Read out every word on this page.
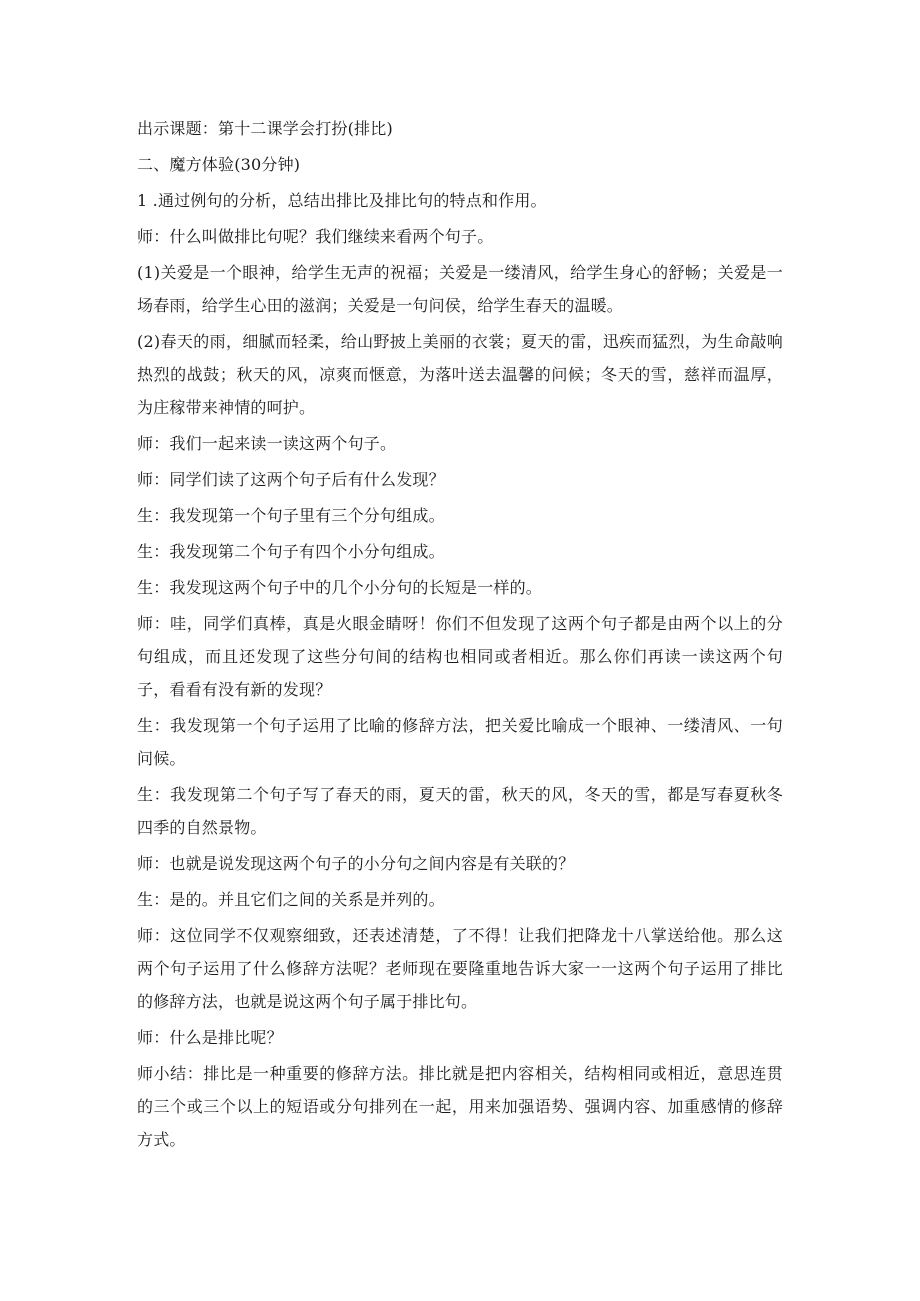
出示课题：第十二课学会打扮(排比)

二、魔方体验(30分钟)

1 .通过例句的分析，总结出排比及排比句的特点和作用。

师：什么叫做排比句呢？我们继续来看两个句子。

(1)关爱是一个眼神，给学生无声的祝福；关爱是一缕清风，给学生身心的舒畅；关爱是一场春雨，给学生心田的滋润；关爱是一句问侯，给学生春天的温暖。

(2)春天的雨，细腻而轻柔，给山野披上美丽的衣裳；夏天的雷，迅疾而猛烈，为生命敲响热烈的战鼓；秋天的风，凉爽而惬意，为落叶送去温馨的问候；冬天的雪，慈祥而温厚，为庄稼带来神情的呵护。

师：我们一起来读一读这两个句子。

师：同学们读了这两个句子后有什么发现？

生：我发现第一个句子里有三个分句组成。

生：我发现第二个句子有四个小分句组成。

生：我发现这两个句子中的几个小分句的长短是一样的。

师：哇，同学们真棒，真是火眼金睛呀！你们不但发现了这两个句子都是由两个以上的分句组成，而且还发现了这些分句间的结构也相同或者相近。那么你们再读一读这两个句子，看看有没有新的发现？

生：我发现第一个句子运用了比喻的修辞方法，把关爱比喻成一个眼神、一缕清风、一句问候。

生：我发现第二个句子写了春天的雨，夏天的雷，秋天的风，冬天的雪，都是写春夏秋冬四季的自然景物。

师：也就是说发现这两个句子的小分句之间内容是有关联的？

生：是的。并且它们之间的关系是并列的。

师：这位同学不仅观察细致，还表述清楚，了不得！让我们把降龙十八掌送给他。那么这两个句子运用了什么修辞方法呢？老师现在要隆重地告诉大家一一这两个句子运用了排比的修辞方法，也就是说这两个句子属于排比句。

师：什么是排比呢？

师小结：排比是一种重要的修辞方法。排比就是把内容相关，结构相同或相近，意思连贯的三个或三个以上的短语或分句排列在一起，用来加强语势、强调内容、加重感情的修辞方式。
